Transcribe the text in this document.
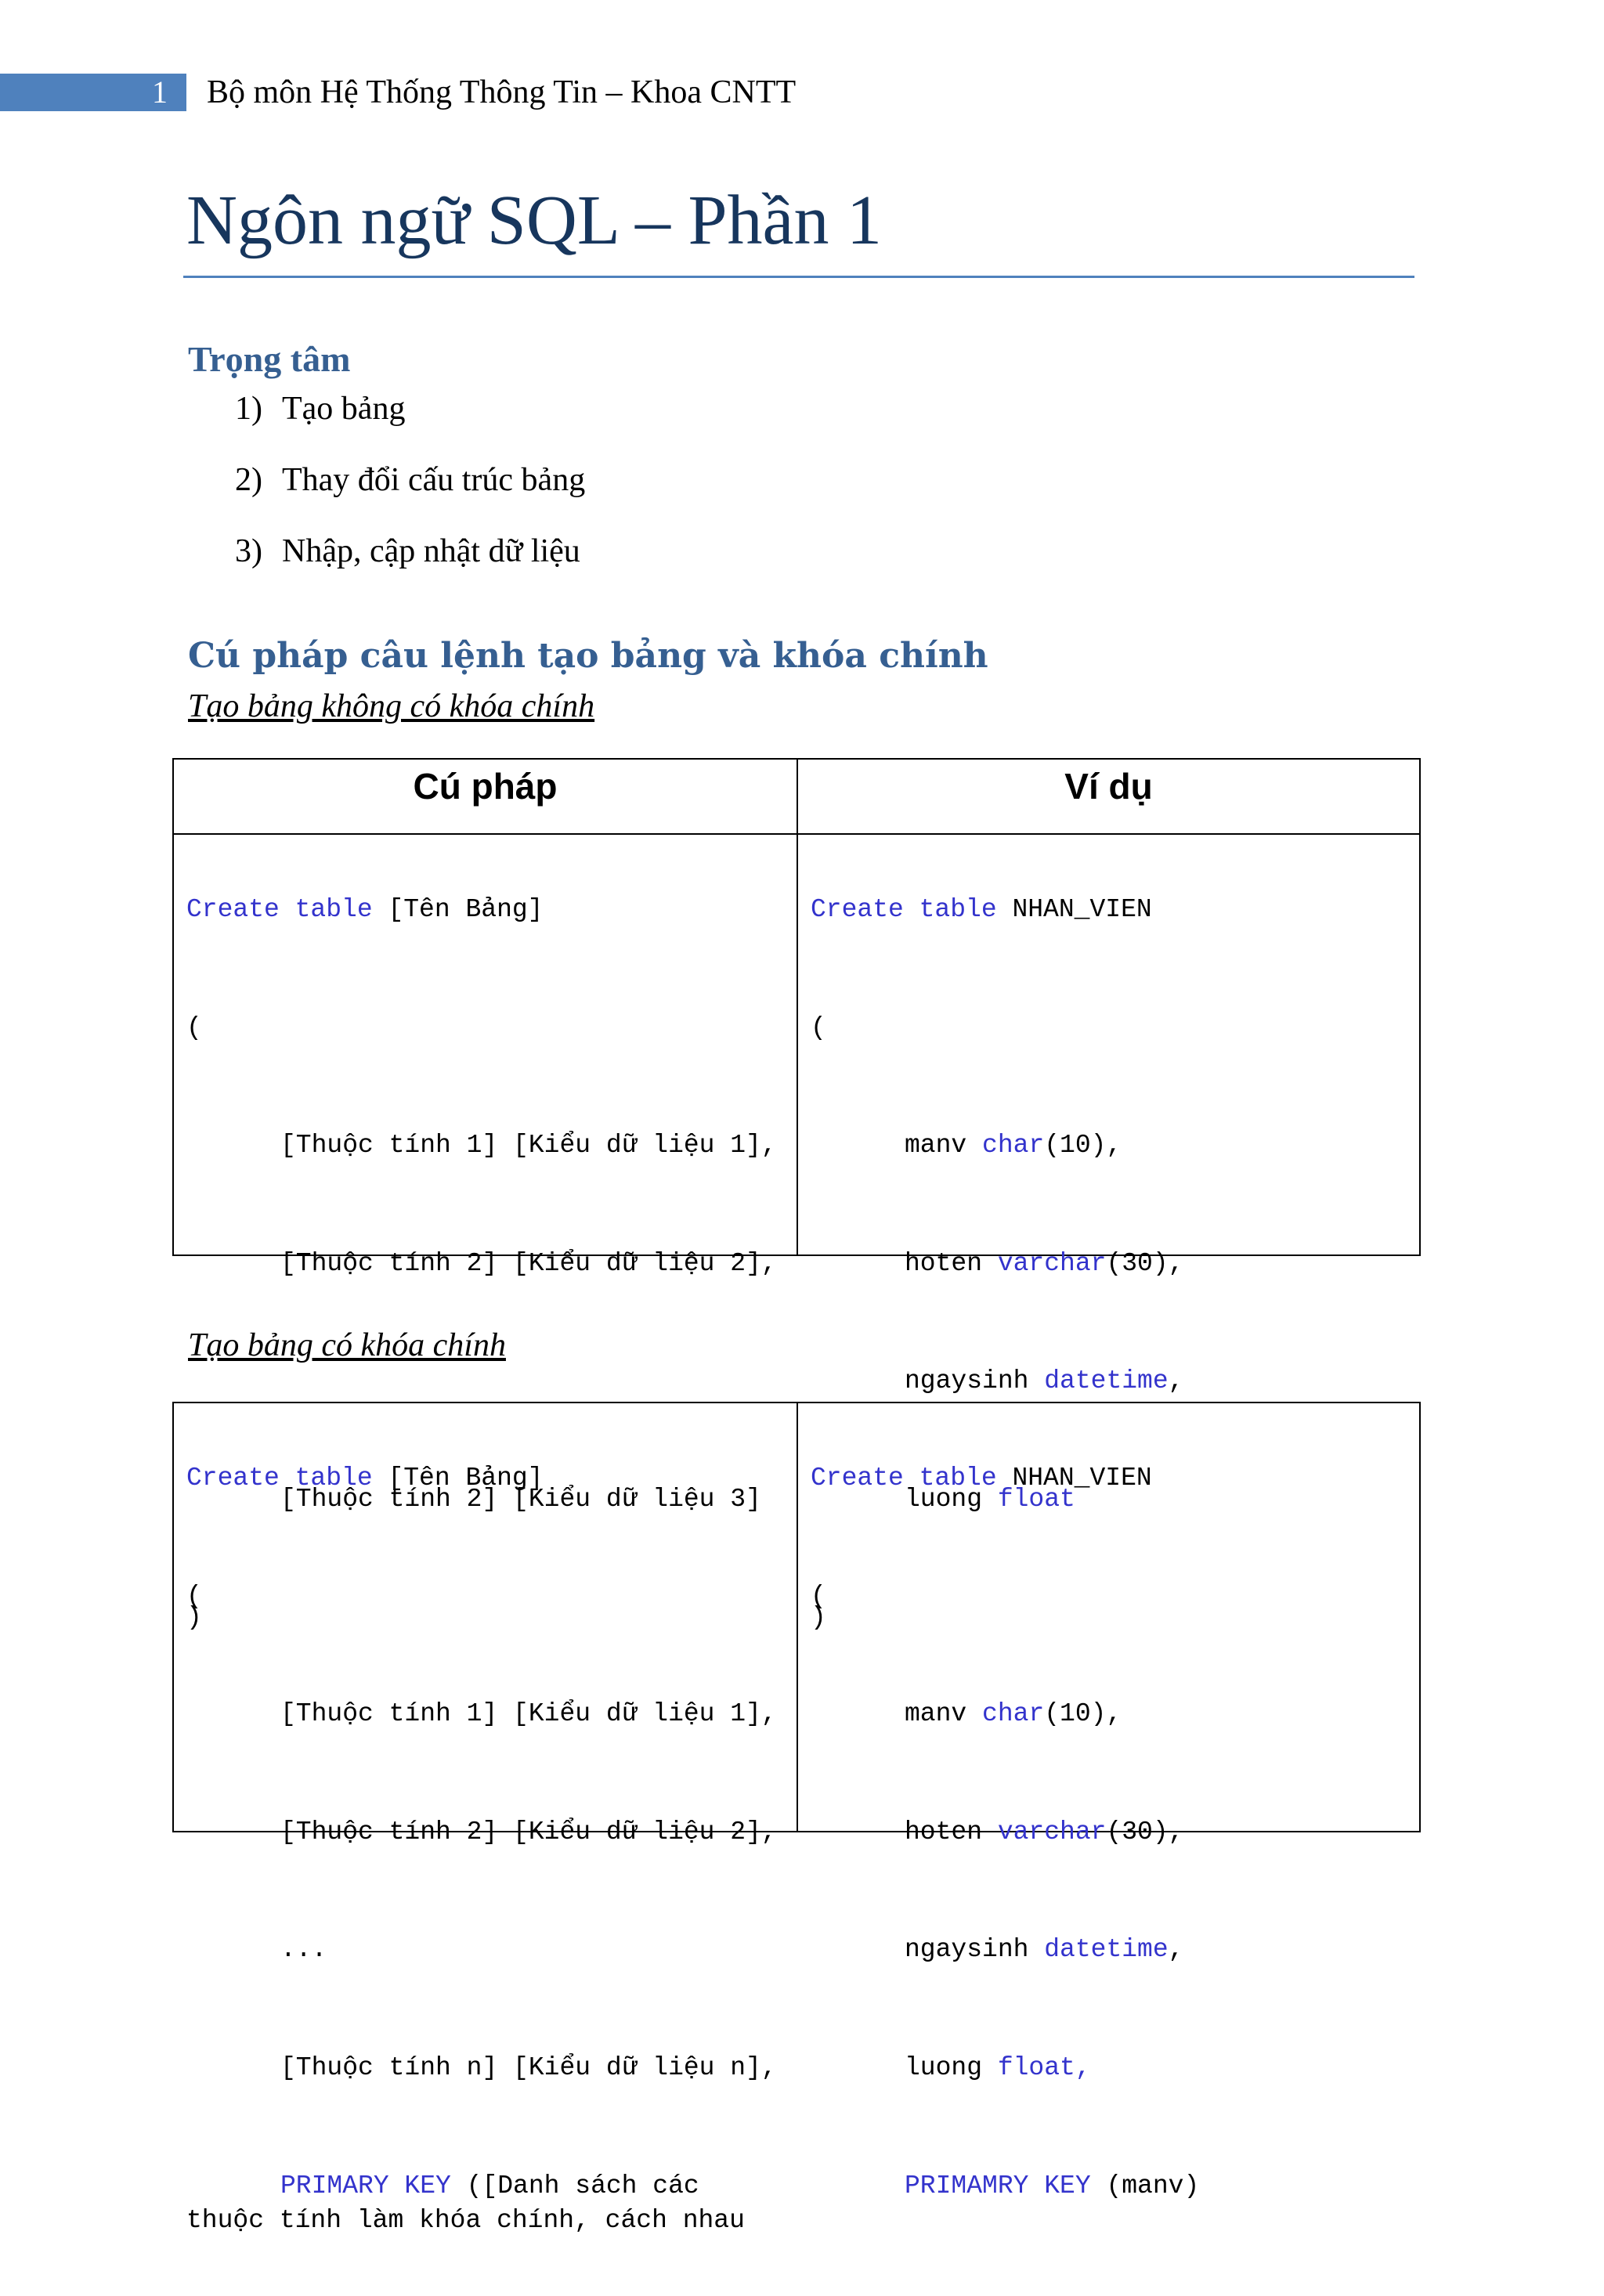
1 Bộ môn Hệ Thống Thông Tin – Khoa CNTT
Ngôn ngữ SQL – Phần 1
Trọng tâm
1) Tạo bảng
2) Thay đổi cấu trúc bảng
3) Nhập, cập nhật dữ liệu
Cú pháp câu lệnh tạo bảng và khóa chính
Tạo bảng không có khóa chính
Cú pháp

Create table [Tên Bảng]

(

[Thuộc tính 1] [Kiểu dữ liệu 1],

[Thuộc tính 2] [Kiểu dữ liệu 2],

[Thuộc tính 2] [Kiểu dữ liệu 3]

)

Ví dụ

Create table NHAN_VIEN

(

manv char(10),

hoten varchar(30),

ngaysinh datetime,

luong float

)

Tạo bảng có khóa chính

Create table [Tên Bảng]

(

[Thuộc tính 1] [Kiểu dữ liệu 1],

[Thuộc tính 2] [Kiểu dữ liệu 2],

...

[Thuộc tính n] [Kiểu dữ liệu n],

PRIMARY KEY ([Danh sách các
thuộc tính làm khóa chính, cách nhau

Create table NHAN_VIEN

(

manv char(10),

hoten varchar(30),

ngaysinh datetime,

luong float,

PRIMAMRY KEY (manv)
